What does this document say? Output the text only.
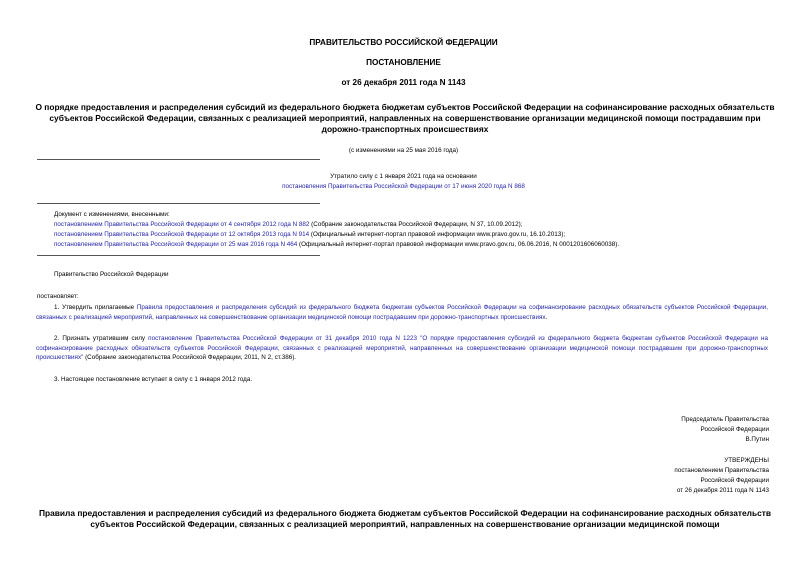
ПРАВИТЕЛЬСТВО РОССИЙСКОЙ ФЕДЕРАЦИИ
ПОСТАНОВЛЕНИЕ
от 26 декабря 2011 года N 1143
О порядке предоставления и распределения субсидий из федерального бюджета бюджетам субъектов Российской Федерации на софинансирование расходных обязательств субъектов Российской Федерации, связанных с реализацией мероприятий, направленных на совершенствование организации медицинской помощи пострадавшим при дорожно-транспортных происшествиях
(с изменениями на 25 мая 2016 года)
Утратило силу с 1 января 2021 года на основании
постановления Правительства Российской Федерации от 17 июня 2020 года N 868
Документ с изменениями, внесенными:
постановлением Правительства Российской Федерации от 4 сентября 2012 года N 882 (Собрание законодательства Российской Федерации, N 37, 10.09.2012);
постановлением Правительства Российской Федерации от 12 октября 2013 года N 914 (Официальный интернет-портал правовой информации www.pravo.gov.ru, 16.10.2013);
постановлением Правительства Российской Федерации от 25 мая 2016 года N 464 (Официальный интернет-портал правовой информации www.pravo.gov.ru, 06.06.2016, N 0001201606060038).
Правительство Российской Федерации
постановляет:
1. Утвердить прилагаемые Правила предоставления и распределения субсидий из федерального бюджета бюджетам субъектов Российской Федерации на софинансирование расходных обязательств субъектов Российской Федерации, связанных с реализацией мероприятий, направленных на совершенствование организации медицинской помощи пострадавшим при дорожно-транспортных происшествиях.
2. Признать утратившим силу постановление Правительства Российской Федерации от 31 декабря 2010 года N 1223 "О порядке предоставления субсидий из федерального бюджета бюджетам субъектов Российской Федерации на софинансирование расходных обязательств субъектов Российской Федерации, связанных с реализацией мероприятий, направленных на совершенствование организации медицинской помощи пострадавшим при дорожно-транспортных происшествиях" (Собрание законодательства Российской Федерации, 2011, N 2, ст.386).
3. Настоящее постановление вступает в силу с 1 января 2012 года.
Председатель Правительства
Российской Федерации
В.Путин
УТВЕРЖДЕНЫ
постановлением Правительства
Российской Федерации
от 26 декабря 2011 года N 1143
Правила предоставления и распределения субсидий из федерального бюджета бюджетам субъектов Российской Федерации на софинансирование расходных обязательств субъектов Российской Федерации, связанных с реализацией мероприятий, направленных на совершенствование организации медицинской помощи
